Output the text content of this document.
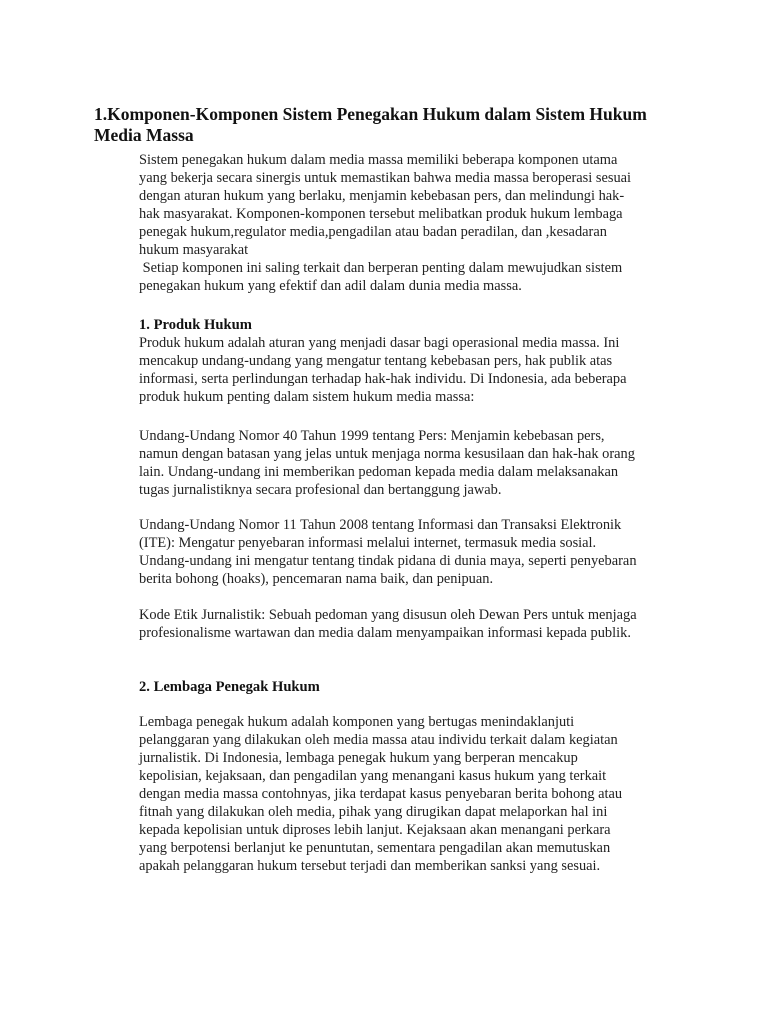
1.Komponen-Komponen Sistem Penegakan Hukum dalam Sistem Hukum
Media Massa
Sistem penegakan hukum dalam media massa memiliki beberapa komponen utama
yang bekerja secara sinergis untuk memastikan bahwa media massa beroperasi sesuai
dengan aturan hukum yang berlaku, menjamin kebebasan pers, dan melindungi hak-
hak masyarakat. Komponen-komponen tersebut melibatkan produk hukum lembaga
penegak hukum,regulator media,pengadilan atau badan peradilan, dan ,kesadaran
hukum masyarakat
Setiap komponen ini saling terkait dan berperan penting dalam mewujudkan sistem
penegakan hukum yang efektif dan adil dalam dunia media massa.
1. Produk Hukum
Produk hukum adalah aturan yang menjadi dasar bagi operasional media massa. Ini
mencakup undang-undang yang mengatur tentang kebebasan pers, hak publik atas
informasi, serta perlindungan terhadap hak-hak individu. Di Indonesia, ada beberapa
produk hukum penting dalam sistem hukum media massa:
Undang-Undang Nomor 40 Tahun 1999 tentang Pers: Menjamin kebebasan pers,
namun dengan batasan yang jelas untuk menjaga norma kesusilaan dan hak-hak orang
lain. Undang-undang ini memberikan pedoman kepada media dalam melaksanakan
tugas jurnalistiknya secara profesional dan bertanggung jawab.
Undang-Undang Nomor 11 Tahun 2008 tentang Informasi dan Transaksi Elektronik
(ITE): Mengatur penyebaran informasi melalui internet, termasuk media sosial.
Undang-undang ini mengatur tentang tindak pidana di dunia maya, seperti penyebaran
berita bohong (hoaks), pencemaran nama baik, dan penipuan.
Kode Etik Jurnalistik: Sebuah pedoman yang disusun oleh Dewan Pers untuk menjaga
profesionalisme wartawan dan media dalam menyampaikan informasi kepada publik.
2. Lembaga Penegak Hukum
Lembaga penegak hukum adalah komponen yang bertugas menindaklanjuti
pelanggaran yang dilakukan oleh media massa atau individu terkait dalam kegiatan
jurnalistik. Di Indonesia, lembaga penegak hukum yang berperan mencakup
kepolisian, kejaksaan, dan pengadilan yang menangani kasus hukum yang terkait
dengan media massa contohnyas, jika terdapat kasus penyebaran berita bohong atau
fitnah yang dilakukan oleh media, pihak yang dirugikan dapat melaporkan hal ini
kepada kepolisian untuk diproses lebih lanjut. Kejaksaan akan menangani perkara
yang berpotensi berlanjut ke penuntutan, sementara pengadilan akan memutuskan
apakah pelanggaran hukum tersebut terjadi dan memberikan sanksi yang sesuai.
